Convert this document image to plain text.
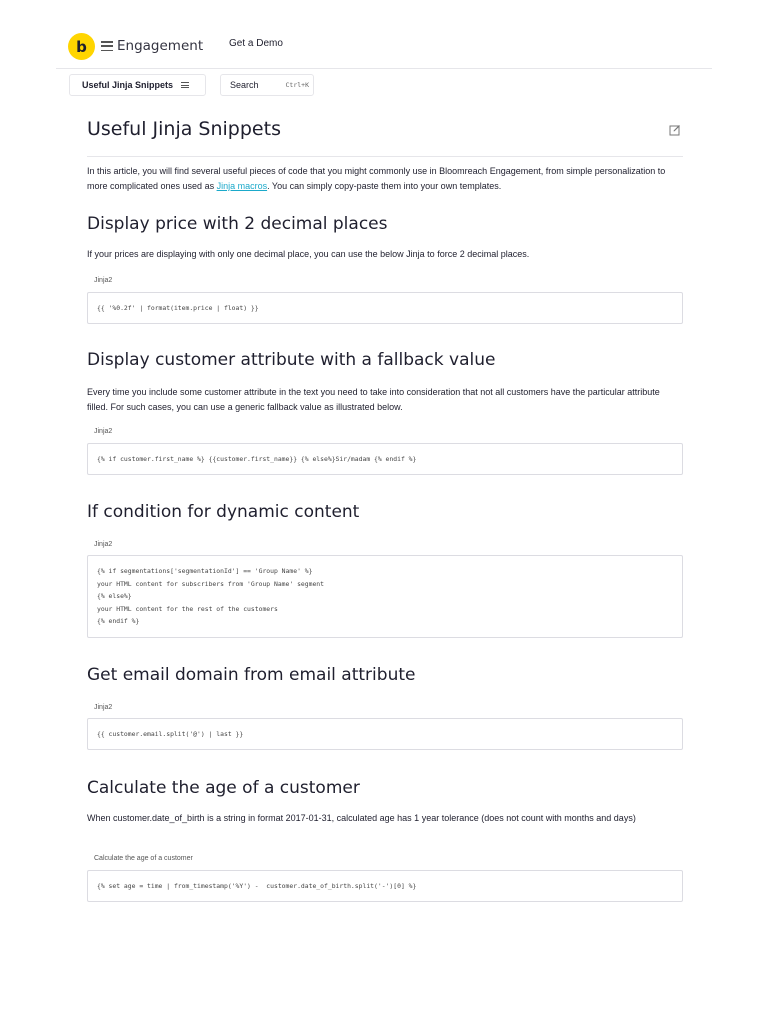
b Engagement	Get a Demo
Useful Jinja Snippets	Search	Ctrl+K
Useful Jinja Snippets

In this article, you will find several useful pieces of code that you might commonly use in Bloomreach Engagement, from simple personalization to more complicated ones used as Jinja macros. You can simply copy-paste them into your own templates.

Display price with 2 decimal places

If your prices are displaying with only one decimal place, you can use the below Jinja to force 2 decimal places.

Jinja2
{{ '%0.2f' | format(item.price | float) }}
Display customer attribute with a fallback value

Every time you include some customer attribute in the text you need to take into consideration that not all customers have the particular attribute filled. For such cases, you can use a generic fallback value as illustrated below.

Jinja2
{% if customer.first_name %} {{customer.first_name}} {% else%}Sir/madam {% endif %}
If condition for dynamic content
Jinja2
{% if segmentations['segmentationId'] == 'Group Name' %}
your HTML content for subscribers from 'Group Name' segment
{% else%}
your HTML content for the rest of the customers
{% endif %}
Get email domain from email attribute
Jinja2
{{ customer.email.split('@') | last }}
Calculate the age of a customer

When customer.date_of_birth is a string in format 2017-01-31, calculated age has 1 year tolerance (does not count with months and days)

Calculate the age of a customer
{% set age = time | from_timestamp('%Y') -  customer.date_of_birth.split('-')[0] %}
